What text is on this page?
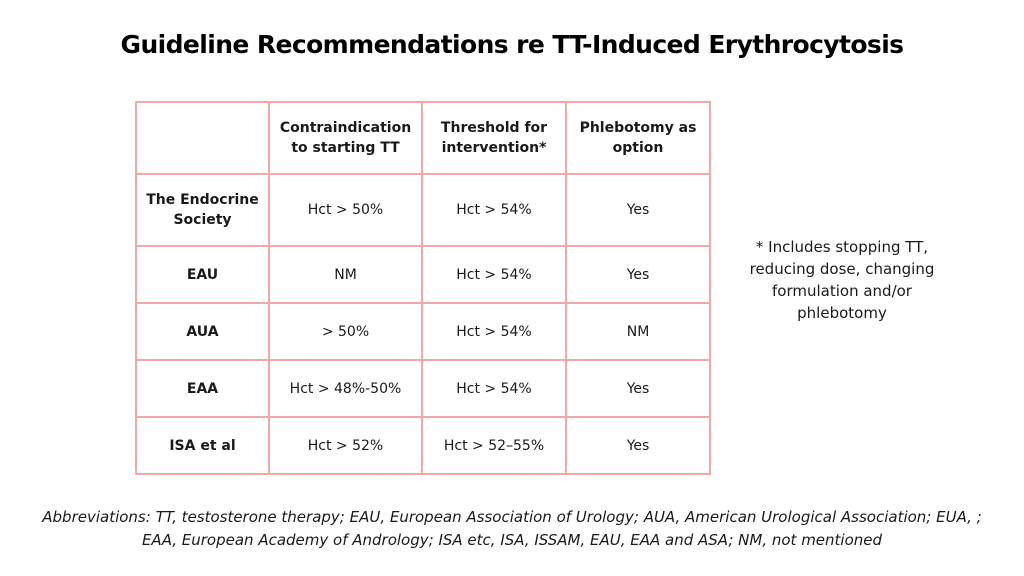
Guideline Recommendations re TT-Induced Erythrocytosis
	Contraindication to starting TT	Threshold for intervention*	Phlebotomy as option
The Endocrine Society	Hct > 50%	Hct > 54%	Yes
EAU	NM	Hct > 54%	Yes
AUA	> 50%	Hct > 54%	NM
EAA	Hct > 48%-50%	Hct > 54%	Yes
ISA et al	Hct > 52%	Hct > 52–55%	Yes
* Includes stopping TT, reducing dose, changing formulation and/or phlebotomy
Abbreviations: TT, testosterone therapy; EAU, European Association of Urology; AUA, American Urological Association; EUA, ; EAA, European Academy of Andrology; ISA etc, ISA, ISSAM, EAU, EAA and ASA; NM, not mentioned
